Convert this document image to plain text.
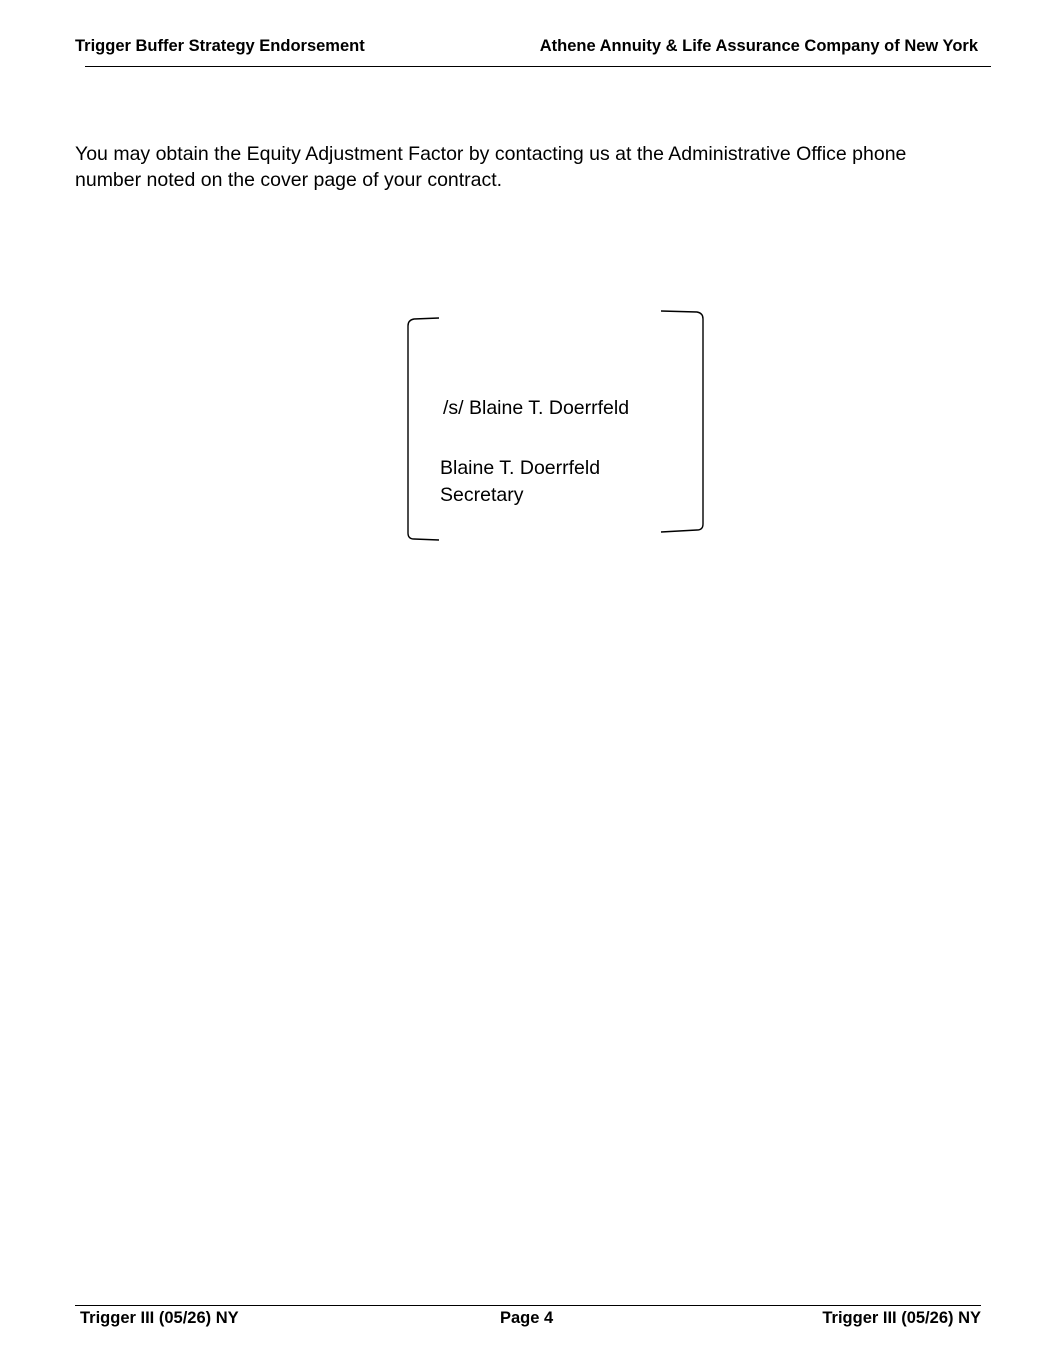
Trigger Buffer Strategy Endorsement	Athene Annuity & Life Assurance Company of New York

You may obtain the Equity Adjustment Factor by contacting us at the Administrative Office phone number noted on the cover page of your contract.

/s/ Blaine T. Doerrfeld
Blaine T. Doerrfeld
Secretary
Trigger III (05/26) NY	Page 4	Trigger III (05/26) NY
